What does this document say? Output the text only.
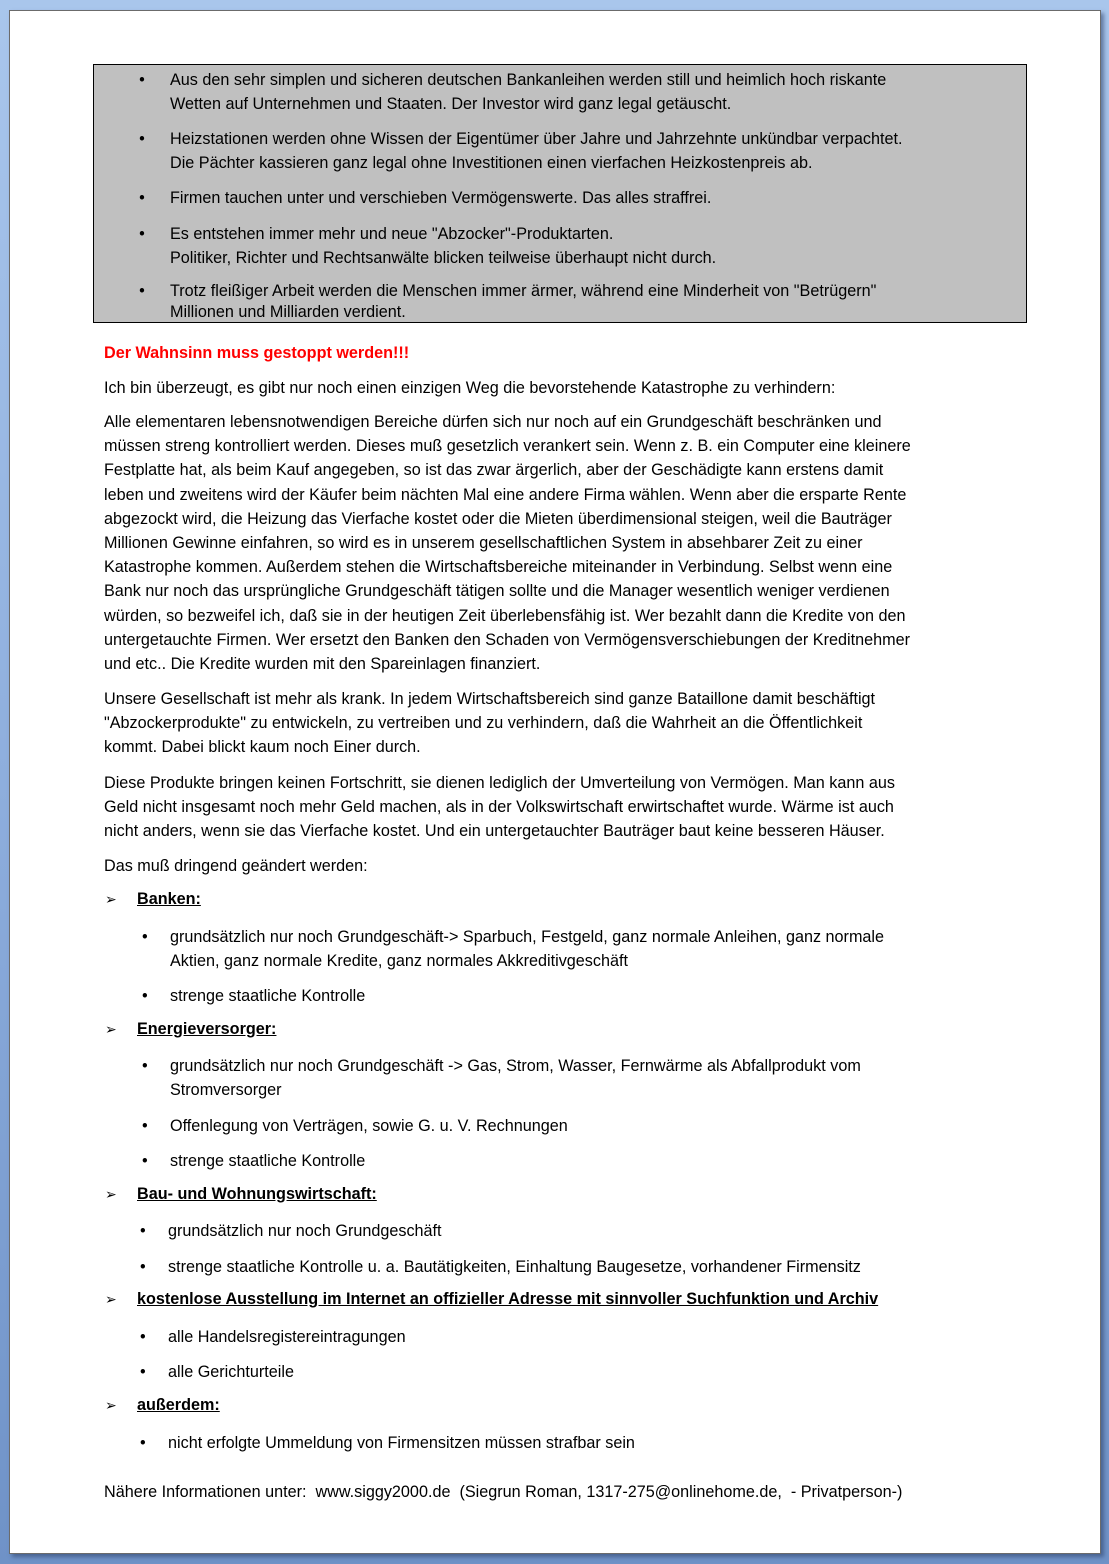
• Aus den sehr simplen und sicheren deutschen Bankanleihen werden still und heimlich hoch riskante
Wetten auf Unternehmen und Staaten. Der Investor wird ganz legal getäuscht.
• Heizstationen werden ohne Wissen der Eigentümer über Jahre und Jahrzehnte unkündbar verpachtet.
Die Pächter kassieren ganz legal ohne Investitionen einen vierfachen Heizkostenpreis ab.
• Firmen tauchen unter und verschieben Vermögenswerte. Das alles straffrei.
• Es entstehen immer mehr und neue "Abzocker"-Produktarten.
Politiker, Richter und Rechtsanwälte blicken teilweise überhaupt nicht durch.
• Trotz fleißiger Arbeit werden die Menschen immer ärmer, während eine Minderheit von "Betrügern"
Millionen und Milliarden verdient.
Der Wahnsinn muss gestoppt werden!!!
Ich bin überzeugt, es gibt nur noch einen einzigen Weg die bevorstehende Katastrophe zu verhindern:
Alle elementaren lebensnotwendigen Bereiche dürfen sich nur noch auf ein Grundgeschäft beschränken und
müssen streng kontrolliert werden. Dieses muß gesetzlich verankert sein. Wenn z. B. ein Computer eine kleinere
Festplatte hat, als beim Kauf angegeben, so ist das zwar ärgerlich, aber der Geschädigte kann erstens damit
leben und zweitens wird der Käufer beim nächten Mal eine andere Firma wählen. Wenn aber die ersparte Rente
abgezockt wird, die Heizung das Vierfache kostet oder die Mieten überdimensional steigen, weil die Bauträger
Millionen Gewinne einfahren, so wird es in unserem gesellschaftlichen System in absehbarer Zeit zu einer
Katastrophe kommen. Außerdem stehen die Wirtschaftsbereiche miteinander in Verbindung. Selbst wenn eine
Bank nur noch das ursprüngliche Grundgeschäft tätigen sollte und die Manager wesentlich weniger verdienen
würden, so bezweifel ich, daß sie in der heutigen Zeit überlebensfähig ist. Wer bezahlt dann die Kredite von den
untergetauchte Firmen. Wer ersetzt den Banken den Schaden von Vermögensverschiebungen der Kreditnehmer
und etc.. Die Kredite wurden mit den Spareinlagen finanziert.
Unsere Gesellschaft ist mehr als krank. In jedem Wirtschaftsbereich sind ganze Bataillone damit beschäftigt
"Abzockerprodukte" zu entwickeln, zu vertreiben und zu verhindern, daß die Wahrheit an die Öffentlichkeit
kommt. Dabei blickt kaum noch Einer durch.
Diese Produkte bringen keinen Fortschritt, sie dienen lediglich der Umverteilung von Vermögen. Man kann aus
Geld nicht insgesamt noch mehr Geld machen, als in der Volkswirtschaft erwirtschaftet wurde. Wärme ist auch
nicht anders, wenn sie das Vierfache kostet. Und ein untergetauchter Bauträger baut keine besseren Häuser.
Das muß dringend geändert werden:
➢ Banken:

•

grundsätzlich nur noch Grundgeschäft-> Sparbuch, Festgeld, ganz normale Anleihen, ganz normale
Aktien, ganz normale Kredite, ganz normales Akkreditivgeschäft

•

strenge staatliche Kontrolle

➢ Energieversorger:

•

grundsätzlich nur noch Grundgeschäft -> Gas, Strom, Wasser, Fernwärme als Abfallprodukt vom
Stromversorger

•

Offenlegung von Verträgen, sowie G. u. V. Rechnungen

•

strenge staatliche Kontrolle

➢ Bau- und Wohnungswirtschaft:

•

grundsätzlich nur noch Grundgeschäft

•

strenge staatliche Kontrolle u. a. Bautätigkeiten, Einhaltung Baugesetze, vorhandener Firmensitz

➢ kostenlose Ausstellung im Internet an offizieller Adresse mit sinnvoller Suchfunktion und Archiv

•

alle Handelsregistereintragungen

•

alle Gerichturteile

➢ außerdem:

•

nicht erfolgte Ummeldung von Firmensitzen müssen strafbar sein

Nähere Informationen unter: www.siggy2000.de (Siegrun Roman, 1317-275@onlinehome.de,  - Privatperson-)
